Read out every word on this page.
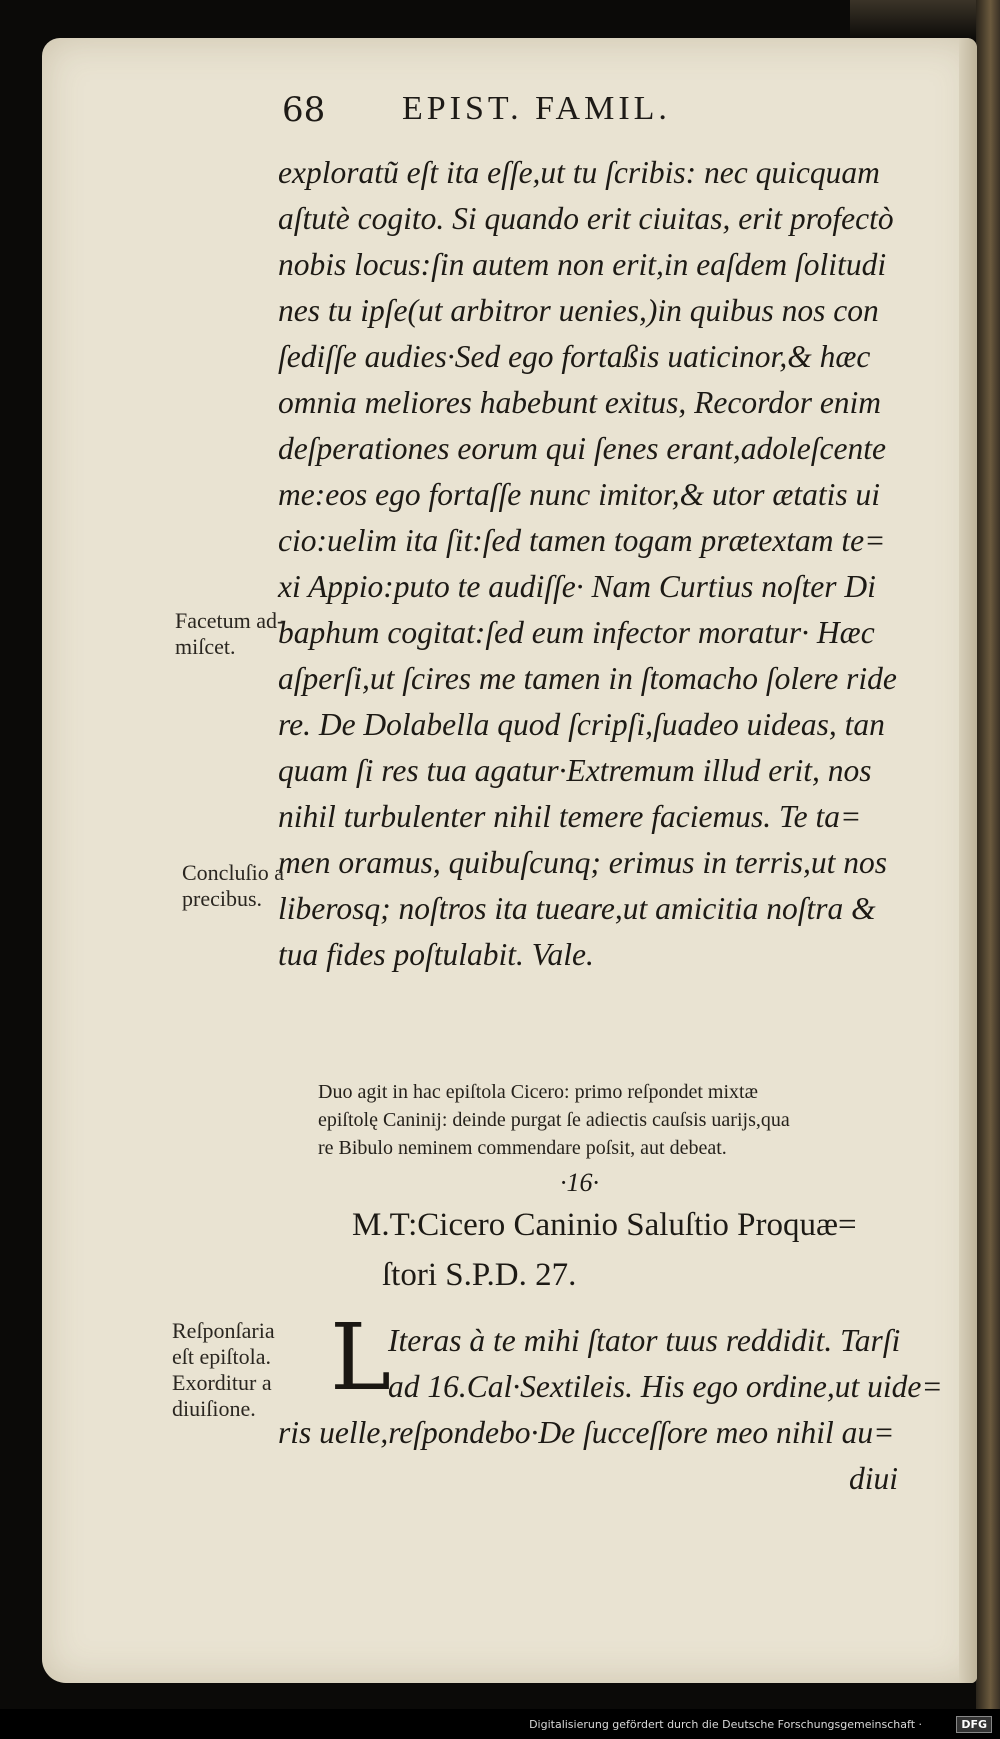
68 EPIST. FAMIL.
exploratũ eſt ita eſſe,ut tu ſcribis: nec quicquam
aſtutè cogito. Si quando erit ciuitas, erit profectò
nobis locus:ſin autem non erit,in eaſdem ſolitudi
nes tu ipſe(ut arbitror uenies,)in quibus nos con
ſediſſe audies·Sed ego fortaßis uaticinor,& hæc
omnia meliores habebunt exitus, Recordor enim
deſperationes eorum qui ſenes erant,adoleſcente
me:eos ego fortaſſe nunc imitor,& utor ætatis ui
cio:uelim ita ſit:ſed tamen togam prætextam te=
xi Appio:puto te audiſſe· Nam Curtius noſter Di
baphum cogitat:ſed eum infector moratur· Hæc
aſperſi,ut ſcires me tamen in ſtomacho ſolere ride
re. De Dolabella quod ſcripſi,ſuadeo uideas, tan
quam ſi res tua agatur·Extremum illud erit, nos
nihil turbulenter nihil temere faciemus. Te ta=
men oramus, quibuſcunq; erimus in terris,ut nos
liberosq; noſtros ita tueare,ut amicitia noſtra &
tua fides poſtulabit. Vale.
Facetum ad-
miſcet.
Concluſio a
precibus.
Reſponſaria
eſt epiſtola.
Exorditur a
diuiſione.
Duo agit in hac epiſtola Cicero: primo reſpondet mixtæ
epiſtolę Caninij: deinde purgat ſe adiectis cauſsis uarijs,qua
re Bibulo neminem commendare poſsit, aut debeat.
·16·
M.T:Cicero Caninio Saluſtio Proquæ=
ſtori S.P.D. 27.
L
Iteras à te mihi ſtator tuus reddidit. Tarſi
ad 16.Cal·Sextileis. His ego ordine,ut uide=
ris uelle,reſpondebo·De ſucceſſore meo nihil au=
diui
Digitalisierung gefördert durch die Deutsche Forschungsgemeinschaft ·	DFG
